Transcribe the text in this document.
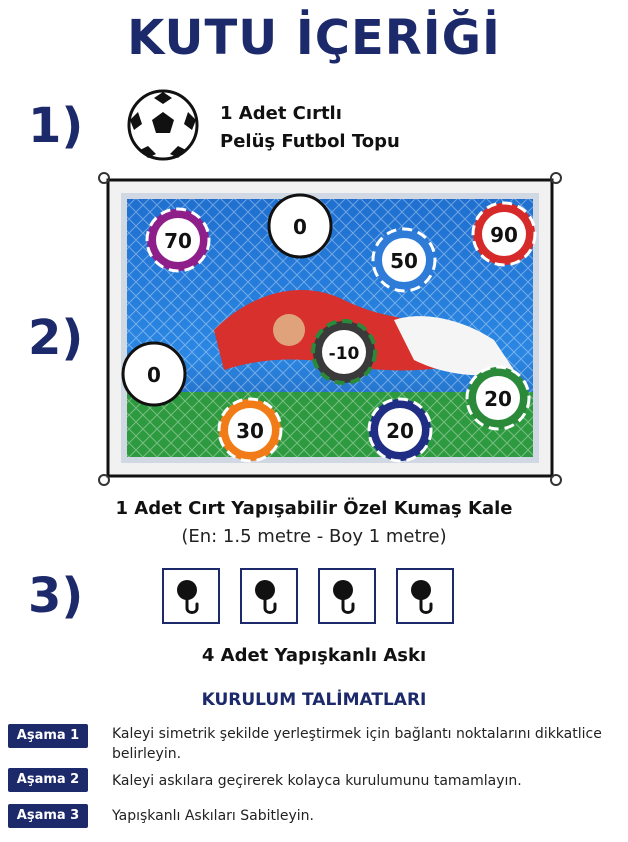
KUTU İÇERİĞİ
1)	1 Adet Cırtlı
Pelüş Futbol Topu
2)
70
0
50
90
-10
0
30	20
20
1 Adet Cırt Yapışabilir Özel Kumaş Kale
(En: 1.5 metre - Boy 1 metre)
3)
4 Adet Yapışkanlı Askı
KURULUM TALİMATLARI
Aşama 1	Kaleyi simetrik şekilde yerleştirmek için bağlantı noktalarını dikkatlice belirleyin.
Aşama 2	Kaleyi askılara geçirerek kolayca kurulumunu tamamlayın.
Aşama 3	Yapışkanlı Askıları Sabitleyin.
